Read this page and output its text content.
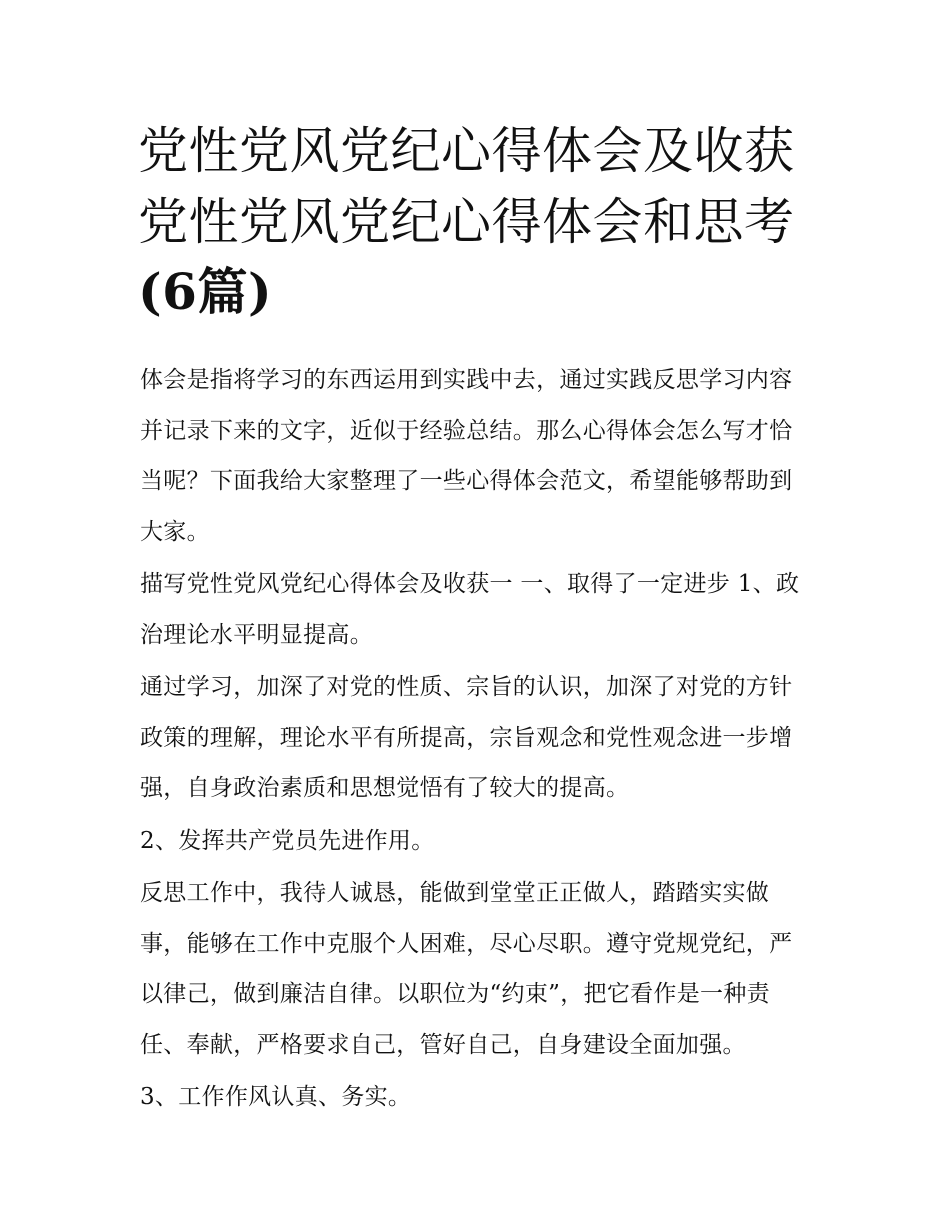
党性党风党纪心得体会及收获
党性党风党纪心得体会和思考
(6篇)

体会是指将学习的东西运用到实践中去，通过实践反思学习内容并记录下来的文字，近似于经验总结。那么心得体会怎么写才恰当呢？下面我给大家整理了一些心得体会范文，希望能够帮助到大家。

描写党性党风党纪心得体会及收获一 一、取得了一定进步 1、政治理论水平明显提高。

通过学习，加深了对党的性质、宗旨的认识，加深了对党的方针政策的理解，理论水平有所提高，宗旨观念和党性观念进一步增强，自身政治素质和思想觉悟有了较大的提高。

2、发挥共产党员先进作用。

反思工作中，我待人诚恳，能做到堂堂正正做人，踏踏实实做事，能够在工作中克服个人困难，尽心尽职。遵守党规党纪，严以律己，做到廉洁自律。以职位为“约束”，把它看作是一种责任、奉献，严格要求自己，管好自己，自身建设全面加强。

3、工作作风认真、务实。
